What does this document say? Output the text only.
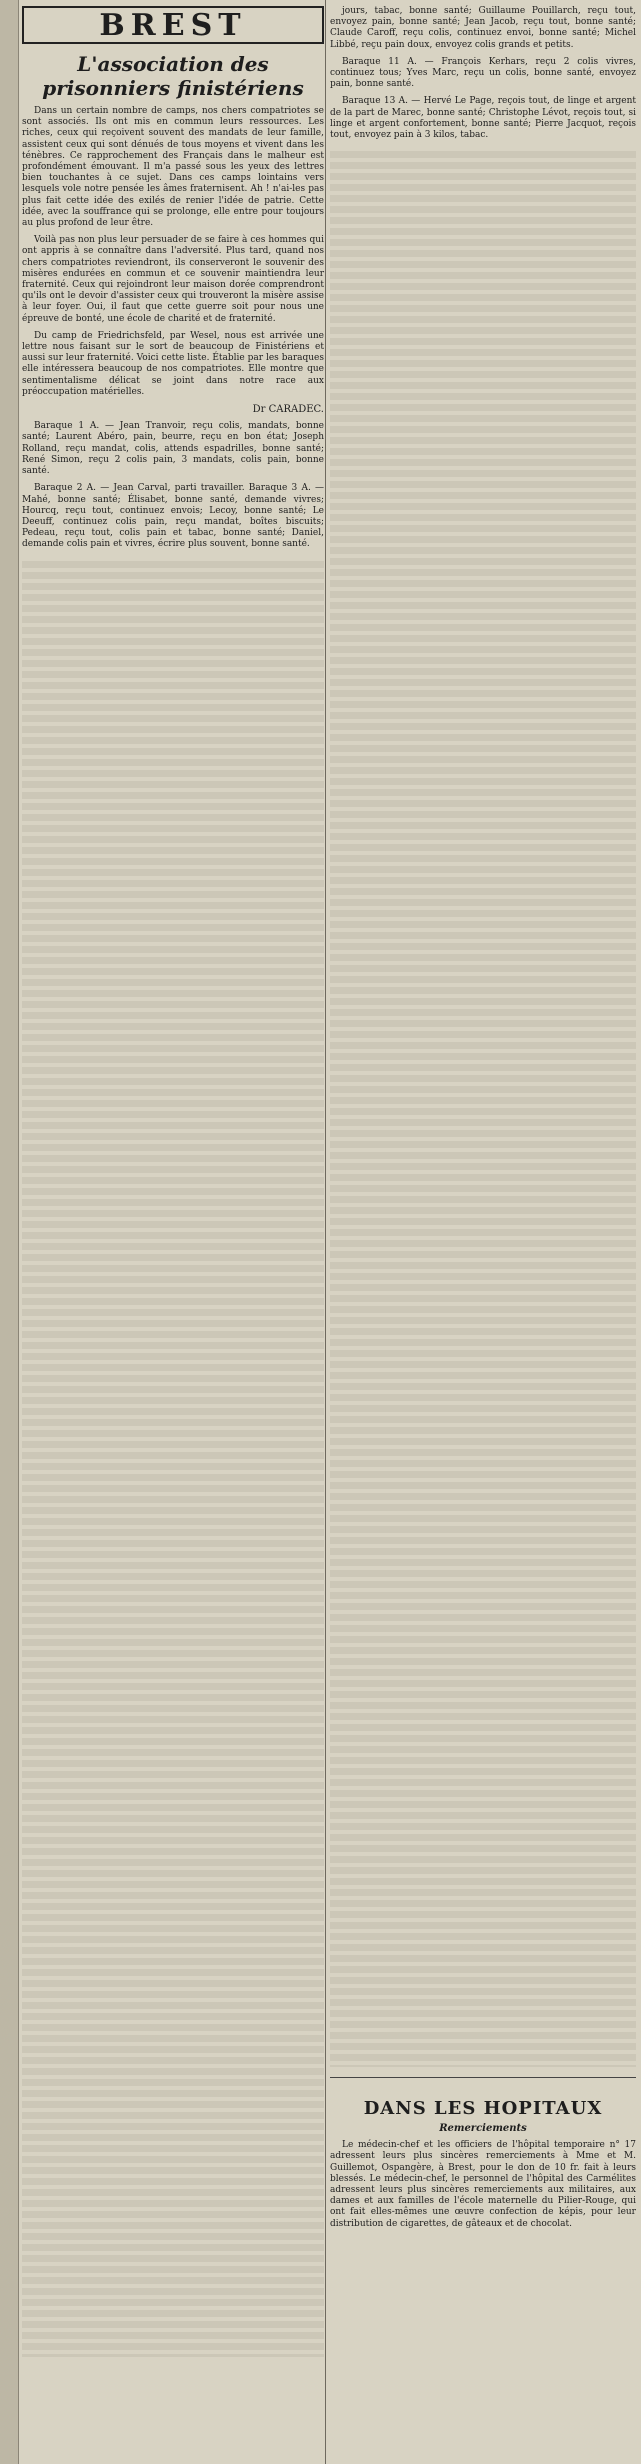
BREST
L'association des prisonniers finistériens

Dans un certain nombre de camps, nos chers compatriotes se sont associés. Ils ont mis en commun leurs ressources. Les riches, ceux qui reçoivent souvent des mandats de leur famille, assistent ceux qui sont dénués de tous moyens et vivent dans les ténèbres. Ce rapprochement des Français dans le malheur est profondément émouvant. Il m'a passé sous les yeux des lettres bien touchantes à ce sujet. Dans ces camps lointains vers lesquels vole notre pensée les âmes fraternisent. Ah ! n'ai-les pas plus fait cette idée des exilés de renier l'idée de patrie. Cette idée, avec la souffrance qui se prolonge, elle entre pour toujours au plus profond de leur être.

Voilà pas non plus leur persuader de se faire à ces hommes qui ont appris à se connaître dans l'adversité. Plus tard, quand nos chers compatriotes reviendront, ils conserveront le souvenir des misères endurées en commun et ce souvenir maintiendra leur fraternité. Ceux qui rejoindront leur maison dorée comprendront qu'ils ont le devoir d'assister ceux qui trouveront la misère assise à leur foyer. Oui, il faut que cette guerre soit pour nous une épreuve de bonté, une école de charité et de fraternité.

Du camp de Friedrichsfeld, par Wesel, nous est arrivée une lettre nous faisant sur le sort de beaucoup de Finistériens et aussi sur leur fraternité. Voici cette liste. Établie par les baraques elle intéressera beaucoup de nos compatriotes. Elle montre que sentimentalisme délicat se joint dans notre race aux préoccupation matérielles.

Dr CARADEC.

Baraque 1 A. — Jean Tranvoir, reçu colis, mandats, bonne santé; Laurent Abéro, pain, beurre, reçu en bon état; Joseph Rolland, reçu mandat, colis, attends espadrilles, bonne santé; René Simon, reçu 2 colis pain, 3 mandats, colis pain, bonne santé.

Baraque 2 A. — Jean Carval, parti travailler. Baraque 3 A. — Mahé, bonne santé; Élisabet, bonne santé, demande vivres; Hourcq, reçu tout, continuez envois; Lecoy, bonne santé; Le Deeuff, continuez colis pain, reçu mandat, boîtes biscuits; Pedeau, reçu tout, colis pain et tabac, bonne santé; Daniel, demande colis pain et vivres, écrire plus souvent, bonne santé.

jours, tabac, bonne santé; Guillaume Pouillarch, reçu tout, envoyez pain, bonne santé; Jean Jacob, reçu tout, bonne santé; Claude Caroff, reçu colis, continuez envoi, bonne santé; Michel Libbé, reçu pain doux, envoyez colis grands et petits.

Baraque 11 A. — François Kerhars, reçu 2 colis vivres, continuez tous; Yves Marc, reçu un colis, bonne santé, envoyez pain, bonne santé.

Baraque 13 A. — Hervé Le Page, reçois tout, de linge et argent de la part de Marec, bonne santé; Christophe Lévot, reçois tout, si linge et argent confortement, bonne santé; Pierre Jacquot, reçois tout, envoyez pain à 3 kilos, tabac.

DANS LES HOPITAUX
Remerciements

Le médecin-chef et les officiers de l'hôpital temporaire n° 17 adressent leurs plus sincères remerciements à Mme et M. Guillemot, Ospangère, à Brest, pour le don de 10 fr. fait à leurs blessés. Le médecin-chef, le personnel de l'hôpital des Carmélites adressent leurs plus sincères remerciements aux militaires, aux dames et aux familles de l'école maternelle du Pilier-Rouge, qui ont fait elles-mêmes une œuvre confection de képis, pour leur distribution de cigarettes, de gâteaux et de chocolat.
